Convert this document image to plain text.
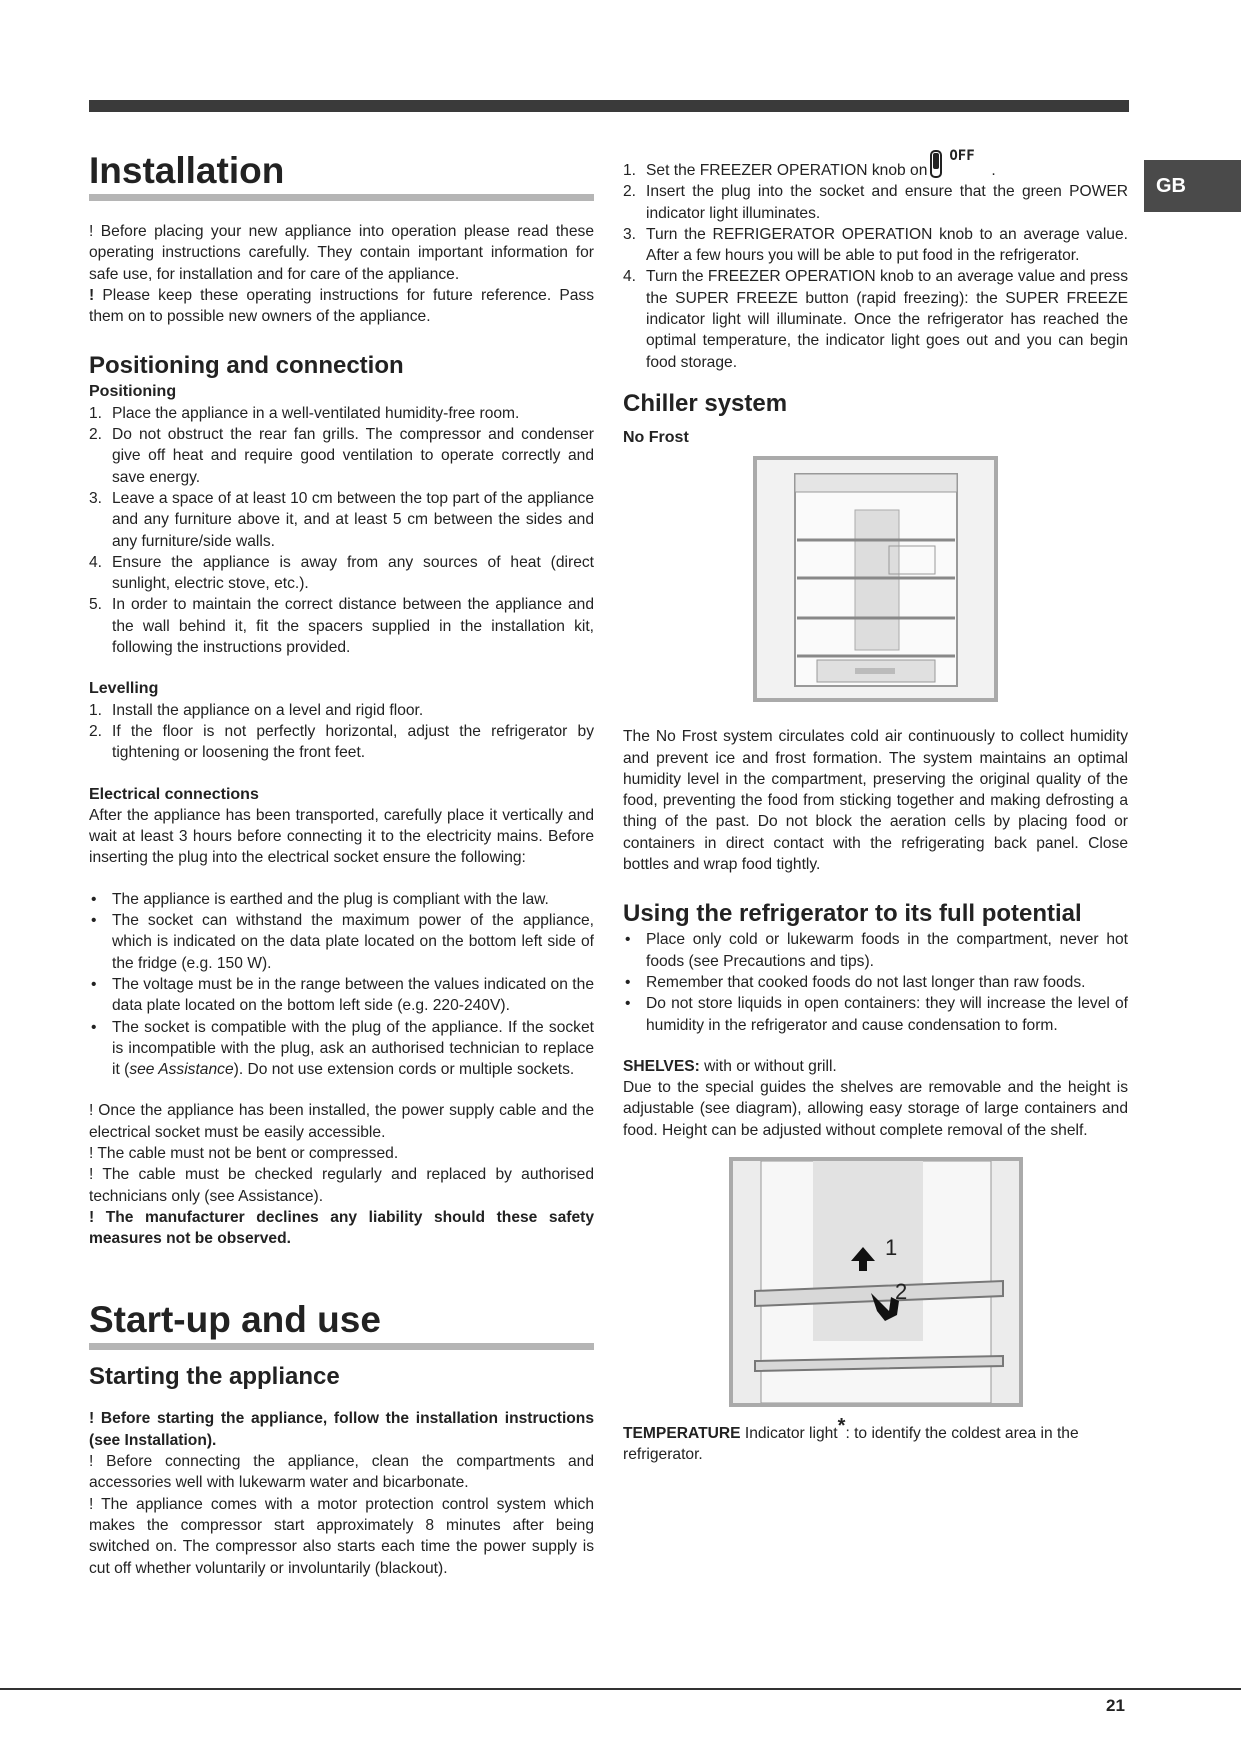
GB
Installation

! Before placing your new appliance into operation please read these operating instructions carefully. They contain important information for safe use, for installation and for care of the appliance.

! Please keep these operating instructions for future reference. Pass them on to possible new owners of the appliance.

Positioning and connection
Positioning
1. Place the appliance in a well-ventilated humidity-free room.
2. Do not obstruct the rear fan grills. The compressor and condenser give off heat and require good ventilation to operate correctly and save energy.
3. Leave a space of at least 10 cm between the top part of the appliance and any furniture above it, and at least 5 cm between the sides and any furniture/side walls.
4. Ensure the appliance is away from any sources of heat (direct sunlight, electric stove, etc.).
5. In order to maintain the correct distance between the appliance and the wall behind it, fit the spacers supplied in the installation kit, following the instructions provided.
Levelling
1. Install the appliance on a level and rigid floor.
2. If the floor is not perfectly horizontal, adjust the refrigerator by tightening or loosening the front feet.
Electrical connections

After the appliance has been transported, carefully place it vertically and wait at least 3 hours before connecting it to the electricity mains. Before inserting the plug into the electrical socket ensure the following:

• The appliance is earthed and the plug is compliant with the law.
• The socket can withstand the maximum power of the appliance, which is indicated on the data plate located on the bottom left side of the fridge (e.g. 150 W).
• The voltage must be in the range between the values indicated on the data plate located on the bottom left side (e.g. 220-240V).
• The socket is compatible with the plug of the appliance. If the socket is incompatible with the plug, ask an authorised technician to replace it (see Assistance). Do not use extension cords or multiple sockets.

! Once the appliance has been installed, the power supply cable and the electrical socket must be easily accessible.

! The cable must not be bent or compressed.

! The cable must be checked regularly and replaced by authorised technicians only (see Assistance).

! The manufacturer declines any liability should these safety measures not be observed.

Start-up and use
Starting the appliance

! Before starting the appliance, follow the installation instructions (see Installation).

! Before connecting the appliance, clean the compartments and accessories well with lukewarm water and bicarbonate.

! The appliance comes with a motor protection control system which makes the compressor start approximately 8 minutes after being switched on. The compressor also starts each time the power supply is cut off whether voluntarily or involuntarily (blackout).

1. Set the FREEZER OPERATION knob on
OFF
.
2. Insert the plug into the socket and ensure that the green POWER indicator light illuminates.
3. Turn the REFRIGERATOR OPERATION knob to an average value. After a few hours you will be able to put food in the refrigerator.
4. Turn the FREEZER OPERATION knob to an average value and press the SUPER FREEZE button (rapid freezing): the SUPER FREEZE indicator light will illuminate. Once the refrigerator has reached the optimal temperature, the indicator light goes out and you can begin food storage.
Chiller system
No Frost

The No Frost system circulates cold air continuously to collect humidity and prevent ice and frost formation. The system maintains an optimal humidity level in the compartment, preserving the original quality of the food, preventing the food from sticking together and making defrosting a thing of the past. Do not block the aeration cells by placing food or containers in direct contact with the refrigerating back panel. Close bottles and wrap food tightly.

Using the refrigerator to its full potential
• Place only cold or lukewarm foods in the compartment, never hot foods (see Precautions and tips).
• Remember that cooked foods do not last longer than raw foods.
• Do not store liquids in open containers: they will increase the level of humidity in the refrigerator and cause condensation to form.

SHELVES: with or without grill.

Due to the special guides the shelves are removable and the height is adjustable (see diagram), allowing easy storage of large containers and food. Height can be adjusted without complete removal of the shelf.

1
2

TEMPERATURE Indicator light*: to identify the coldest area in the refrigerator.

21
